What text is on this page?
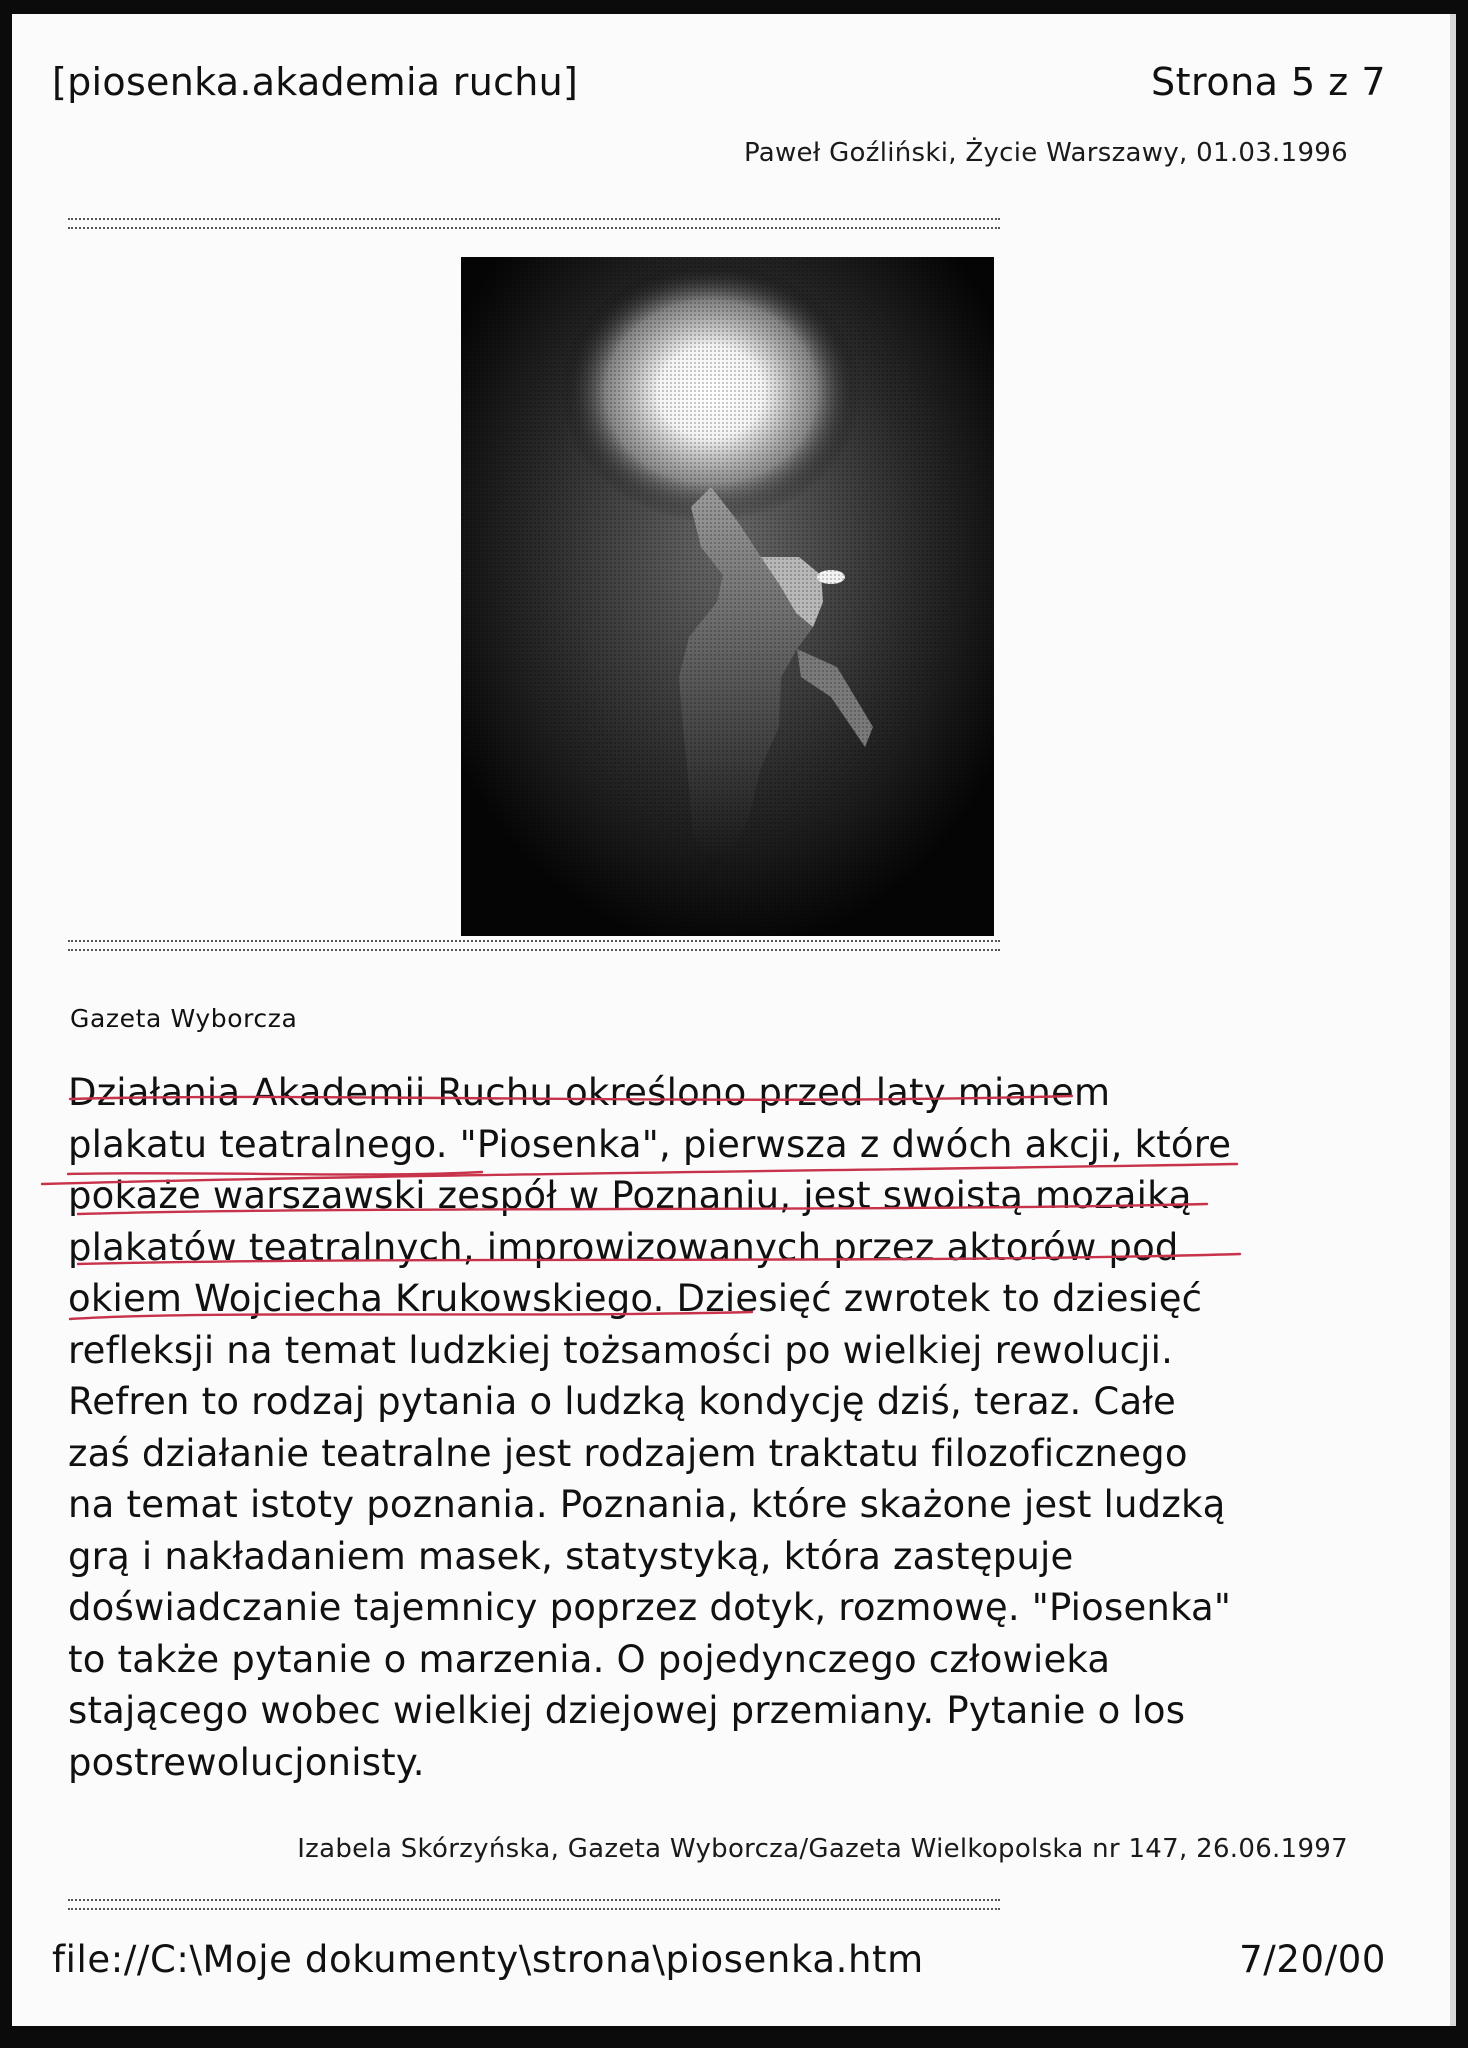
[piosenka.akademia ruchu]	Strona 5 z 7
Paweł Goźliński, Życie Warszawy, 01.03.1996
Gazeta Wyborcza

Działania Akademii Ruchu określono przed laty mianem

plakatu teatralnego. "Piosenka", pierwsza z dwóch akcji, które

pokaże warszawski zespół w Poznaniu, jest swoistą mozaiką

plakatów teatralnych, improwizowanych przez aktorów pod

okiem Wojciecha Krukowskiego. Dziesięć zwrotek to dziesięć

refleksji na temat ludzkiej tożsamości po wielkiej rewolucji.

Refren to rodzaj pytania o ludzką kondycję dziś, teraz. Całe

zaś działanie teatralne jest rodzajem traktatu filozoficznego

na temat istoty poznania. Poznania, które skażone jest ludzką

grą i nakładaniem masek, statystyką, która zastępuje

doświadczanie tajemnicy poprzez dotyk, rozmowę. "Piosenka"

to także pytanie o marzenia. O pojedynczego człowieka

stającego wobec wielkiej dziejowej przemiany. Pytanie o los

postrewolucjonisty.

Izabela Skórzyńska, Gazeta Wyborcza/Gazeta Wielkopolska nr 147, 26.06.1997
file://C:\Moje dokumenty\strona\piosenka.htm	7/20/00
